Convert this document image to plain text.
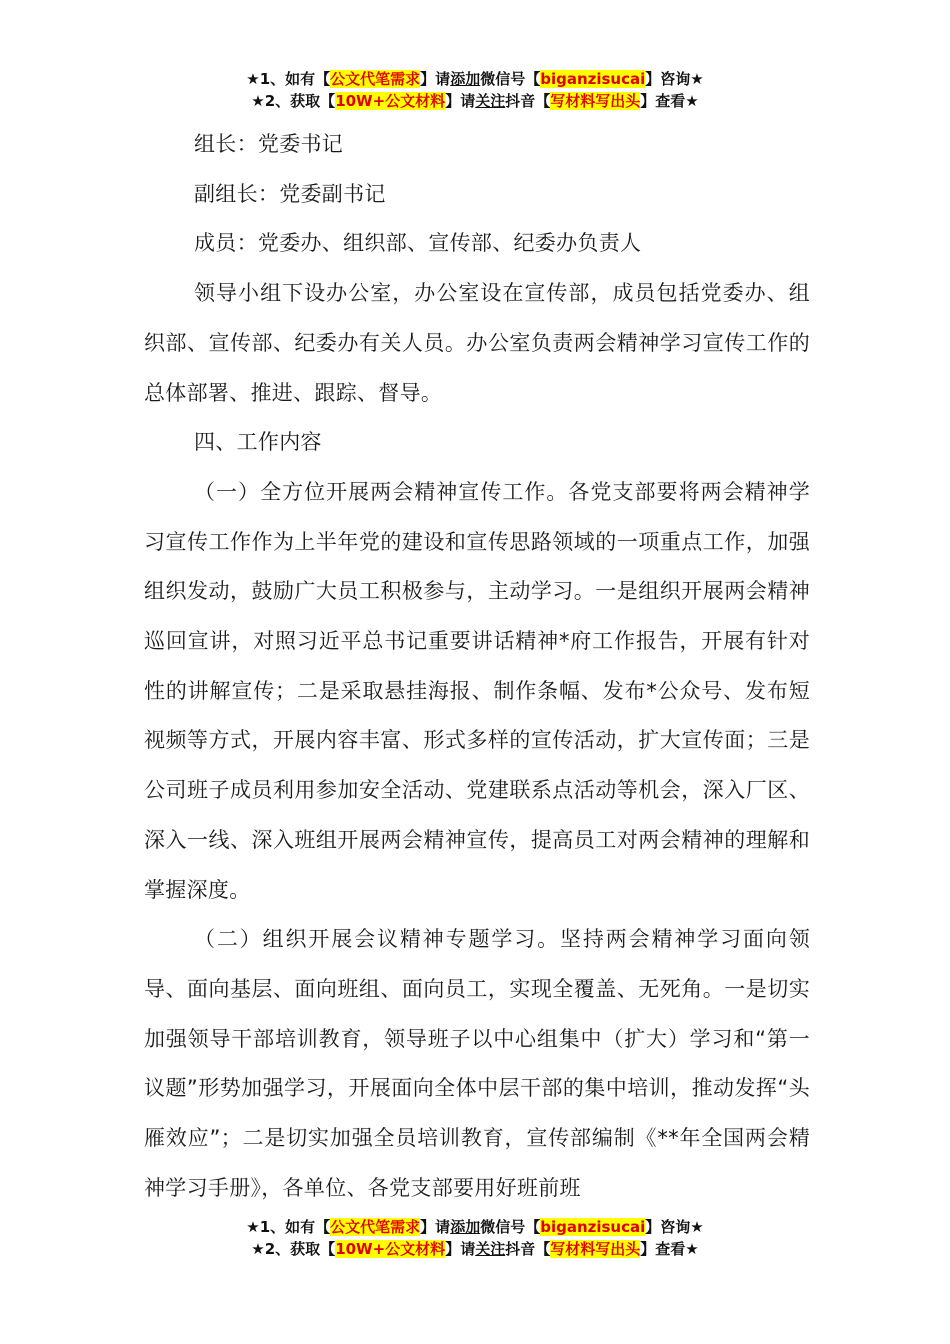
★1、如有【公文代笔需求】请添加微信号【biganzisucai】咨询★
★2、获取【10W+公文材料】请关注抖音【写材料写出头】查看★

组长：党委书记

副组长：党委副书记

成员：党委办、组织部、宣传部、纪委办负责人

领导小组下设办公室，办公室设在宣传部，成员包括党委办、组织部、宣传部、纪委办有关人员。办公室负责两会精神学习宣传工作的总体部署、推进、跟踪、督导。

四、工作内容

（一）全方位开展两会精神宣传工作。各党支部要将两会精神学习宣传工作作为上半年党的建设和宣传思路领域的一项重点工作，加强组织发动，鼓励广大员工积极参与，主动学习。一是组织开展两会精神巡回宣讲，对照习近平总书记重要讲话精神*府工作报告，开展有针对性的讲解宣传；二是采取悬挂海报、制作条幅、发布*公众号、发布短视频等方式，开展内容丰富、形式多样的宣传活动，扩大宣传面；三是公司班子成员利用参加安全活动、党建联系点活动等机会，深入厂区、深入一线、深入班组开展两会精神宣传，提高员工对两会精神的理解和掌握深度。

（二）组织开展会议精神专题学习。坚持两会精神学习面向领导、面向基层、面向班组、面向员工，实现全覆盖、无死角。一是切实加强领导干部培训教育，领导班子以中心组集中（扩大）学习和“第一议题”形势加强学习，开展面向全体中层干部的集中培训，推动发挥“头雁效应”；二是切实加强全员培训教育，宣传部编制《**年全国两会精神学习手册》，各单位、各党支部要用好班前班

★1、如有【公文代笔需求】请添加微信号【biganzisucai】咨询★
★2、获取【10W+公文材料】请关注抖音【写材料写出头】查看★
